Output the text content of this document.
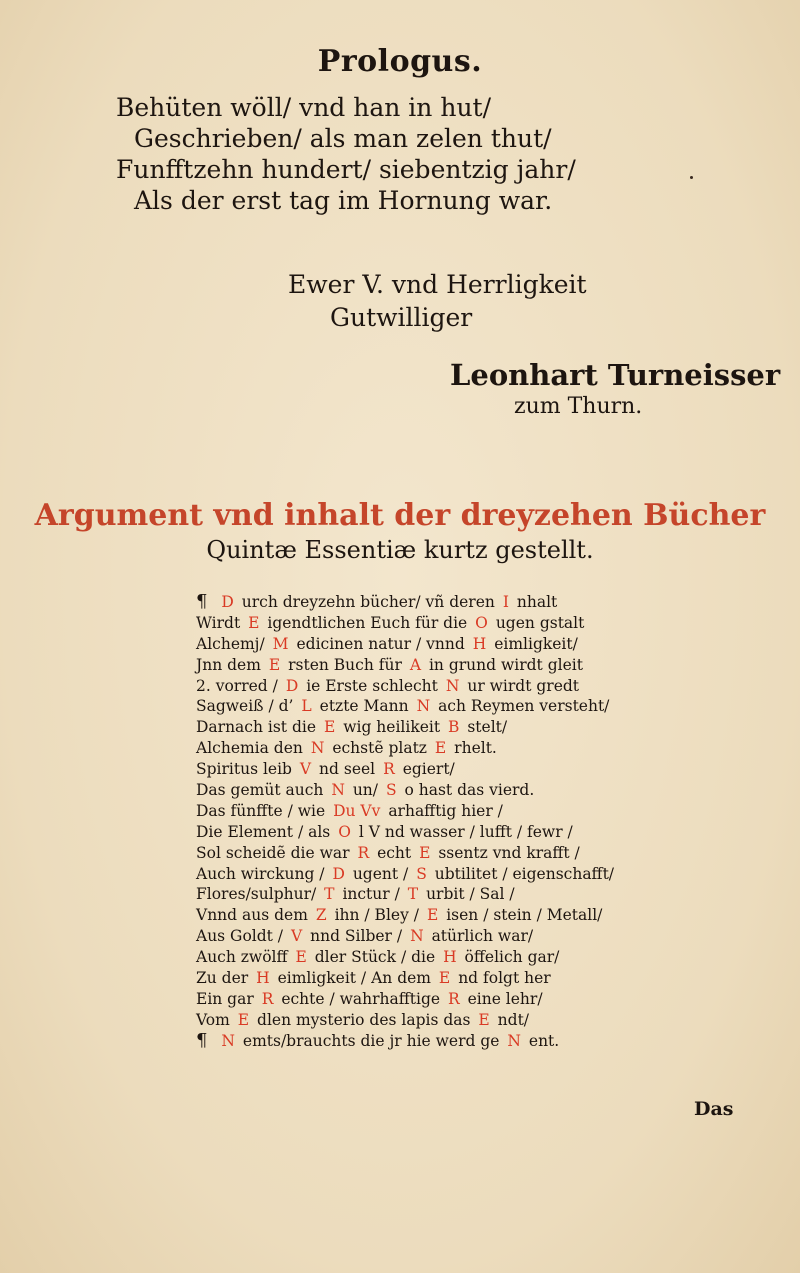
Prologus.
Behüten wöll/ vnd han in hut/
Geschrieben/ als man zelen thut/
Funfftzehn hundert/ siebentzig jahr/
Als der erst tag im Hornung war.
Ewer V. vnd Herrligkeit
Gutwilliger
Leonhart Turneisser
zum Thurn.
Argument vnd inhalt der dreyzehen Bücher
Quintæ Essentiæ kurtz gestellt.
¶ D urch dreyzehn bücher/ vñ deren I nhalt
Wirdt E igendtlichen Euch für die O ugen gstalt
Alchemj/ M edicinen natur / vnnd H eimligkeit/
Jnn dem E rsten Buch für A in grund wirdt gleit
2. vorred / D ie Erste schlecht N ur wirdt gredt
Sagweiß / d’ L etzte Mann N ach Reymen versteht/
Darnach ist die E wig heilikeit B stelt/
Alchemia den N echstẽ platz E rhelt.
Spiritus leib V nd seel R egiert/
Das gemüt auch N un/ S o hast das vierd.
Das fünffte / wie Du Vv arhafftig hier /
Die Element / als O l V nd wasser / lufft / fewr /
Sol scheidẽ die war R echt E ssentz vnd krafft /
Auch wirckung / D ugent / S ubtilitet / eigenschafft/
Flores/sulphur/ T inctur / T urbit / Sal /
Vnnd aus dem Z ihn / Bley / E isen / stein / Metall/
Aus Goldt / V nnd Silber / N atürlich war/
Auch zwölff E dler Stück / die H öffelich gar/
Zu der H eimligkeit / An dem E nd folgt her
Ein gar R echte / wahrhafftige R eine lehr/
Vom E dlen mysterio des lapis das E ndt/
¶ N emts/brauchts die jr hie werd ge N ent.
Das
